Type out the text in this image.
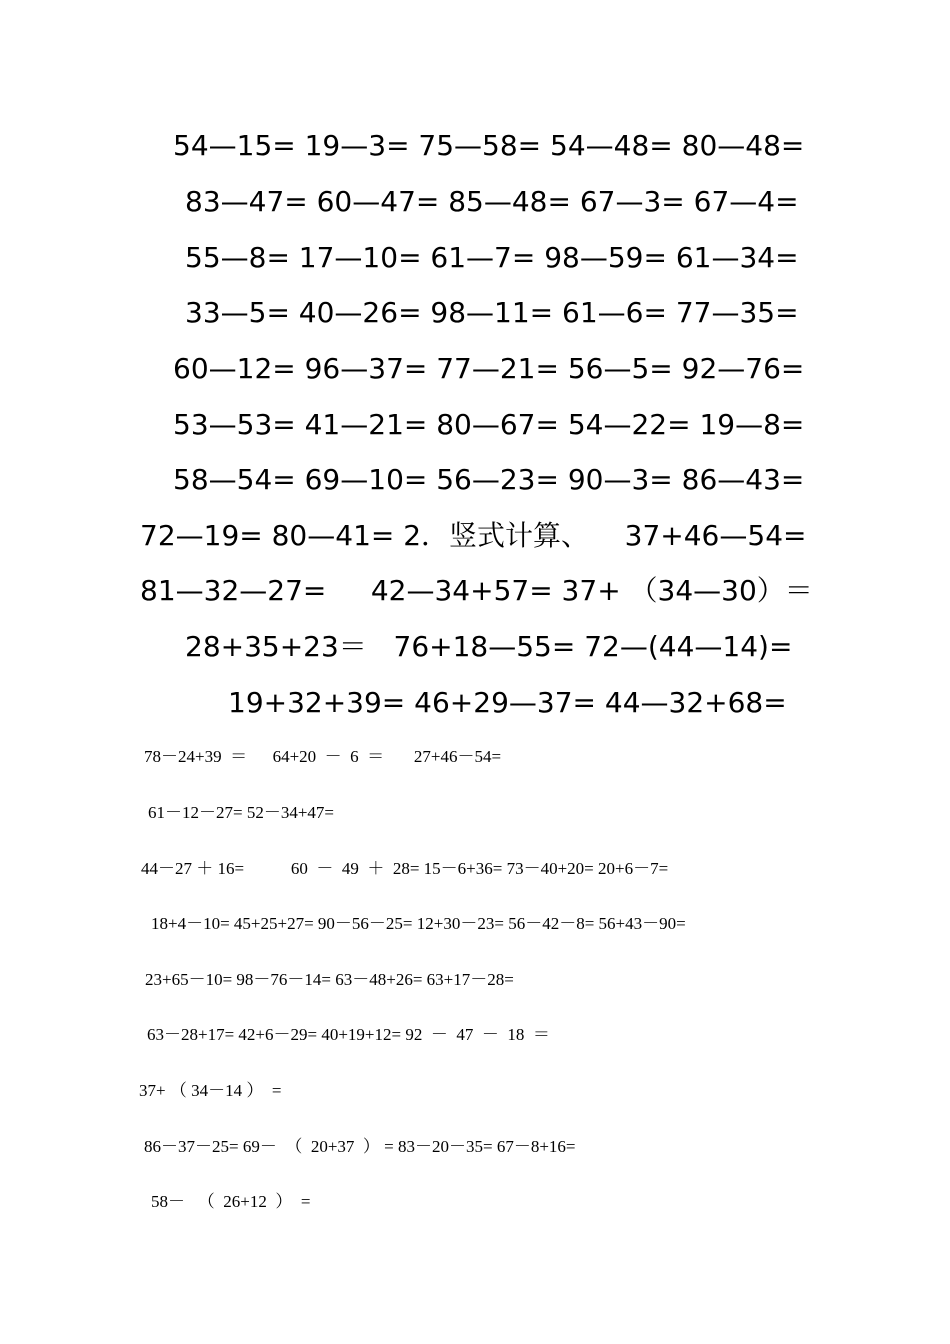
54—15= 19—3= 75—58= 54—48= 80—48=
83—47= 60—47= 85—48= 67—3= 67—4=
55—8= 17—10= 61—7= 98—59= 61—34=
33—5= 40—26= 98—11= 61—6= 77—35=
60—12= 96—37= 77—21= 56—5= 92—76=
53—53= 41—21= 80—67= 54—22= 19—8=
58—54= 69—10= 56—23= 90—3= 86—43=
72—19= 80—41= 2．竖式计算、    37+46—54=
81—32—27=     42—34+57= 37+ （34—30）＝
28+35+23＝   76+18—55= 72—(44—14)=
19+32+39= 46+29—37= 44—32+68=
78－24+39  ＝      64+20  －  6  ＝       27+46－54=
61－12－27= 52－34+47=
44－27 ＋ 16=           60  －  49  ＋  28= 15－6+36= 73－40+20= 20+6－7=
18+4－10= 45+25+27= 90－56－25= 12+30－23= 56－42－8= 56+43－90=
23+65－10= 98－76－14= 63－48+26= 63+17－28=
63－28+17= 42+6－29= 40+19+12= 92  －  47  －  18  ＝
37+ （ 34－14 ）  =
86－37－25= 69－  （  20+37  ） = 83－20－35= 67－8+16=
58－   （  26+12  ）  =
